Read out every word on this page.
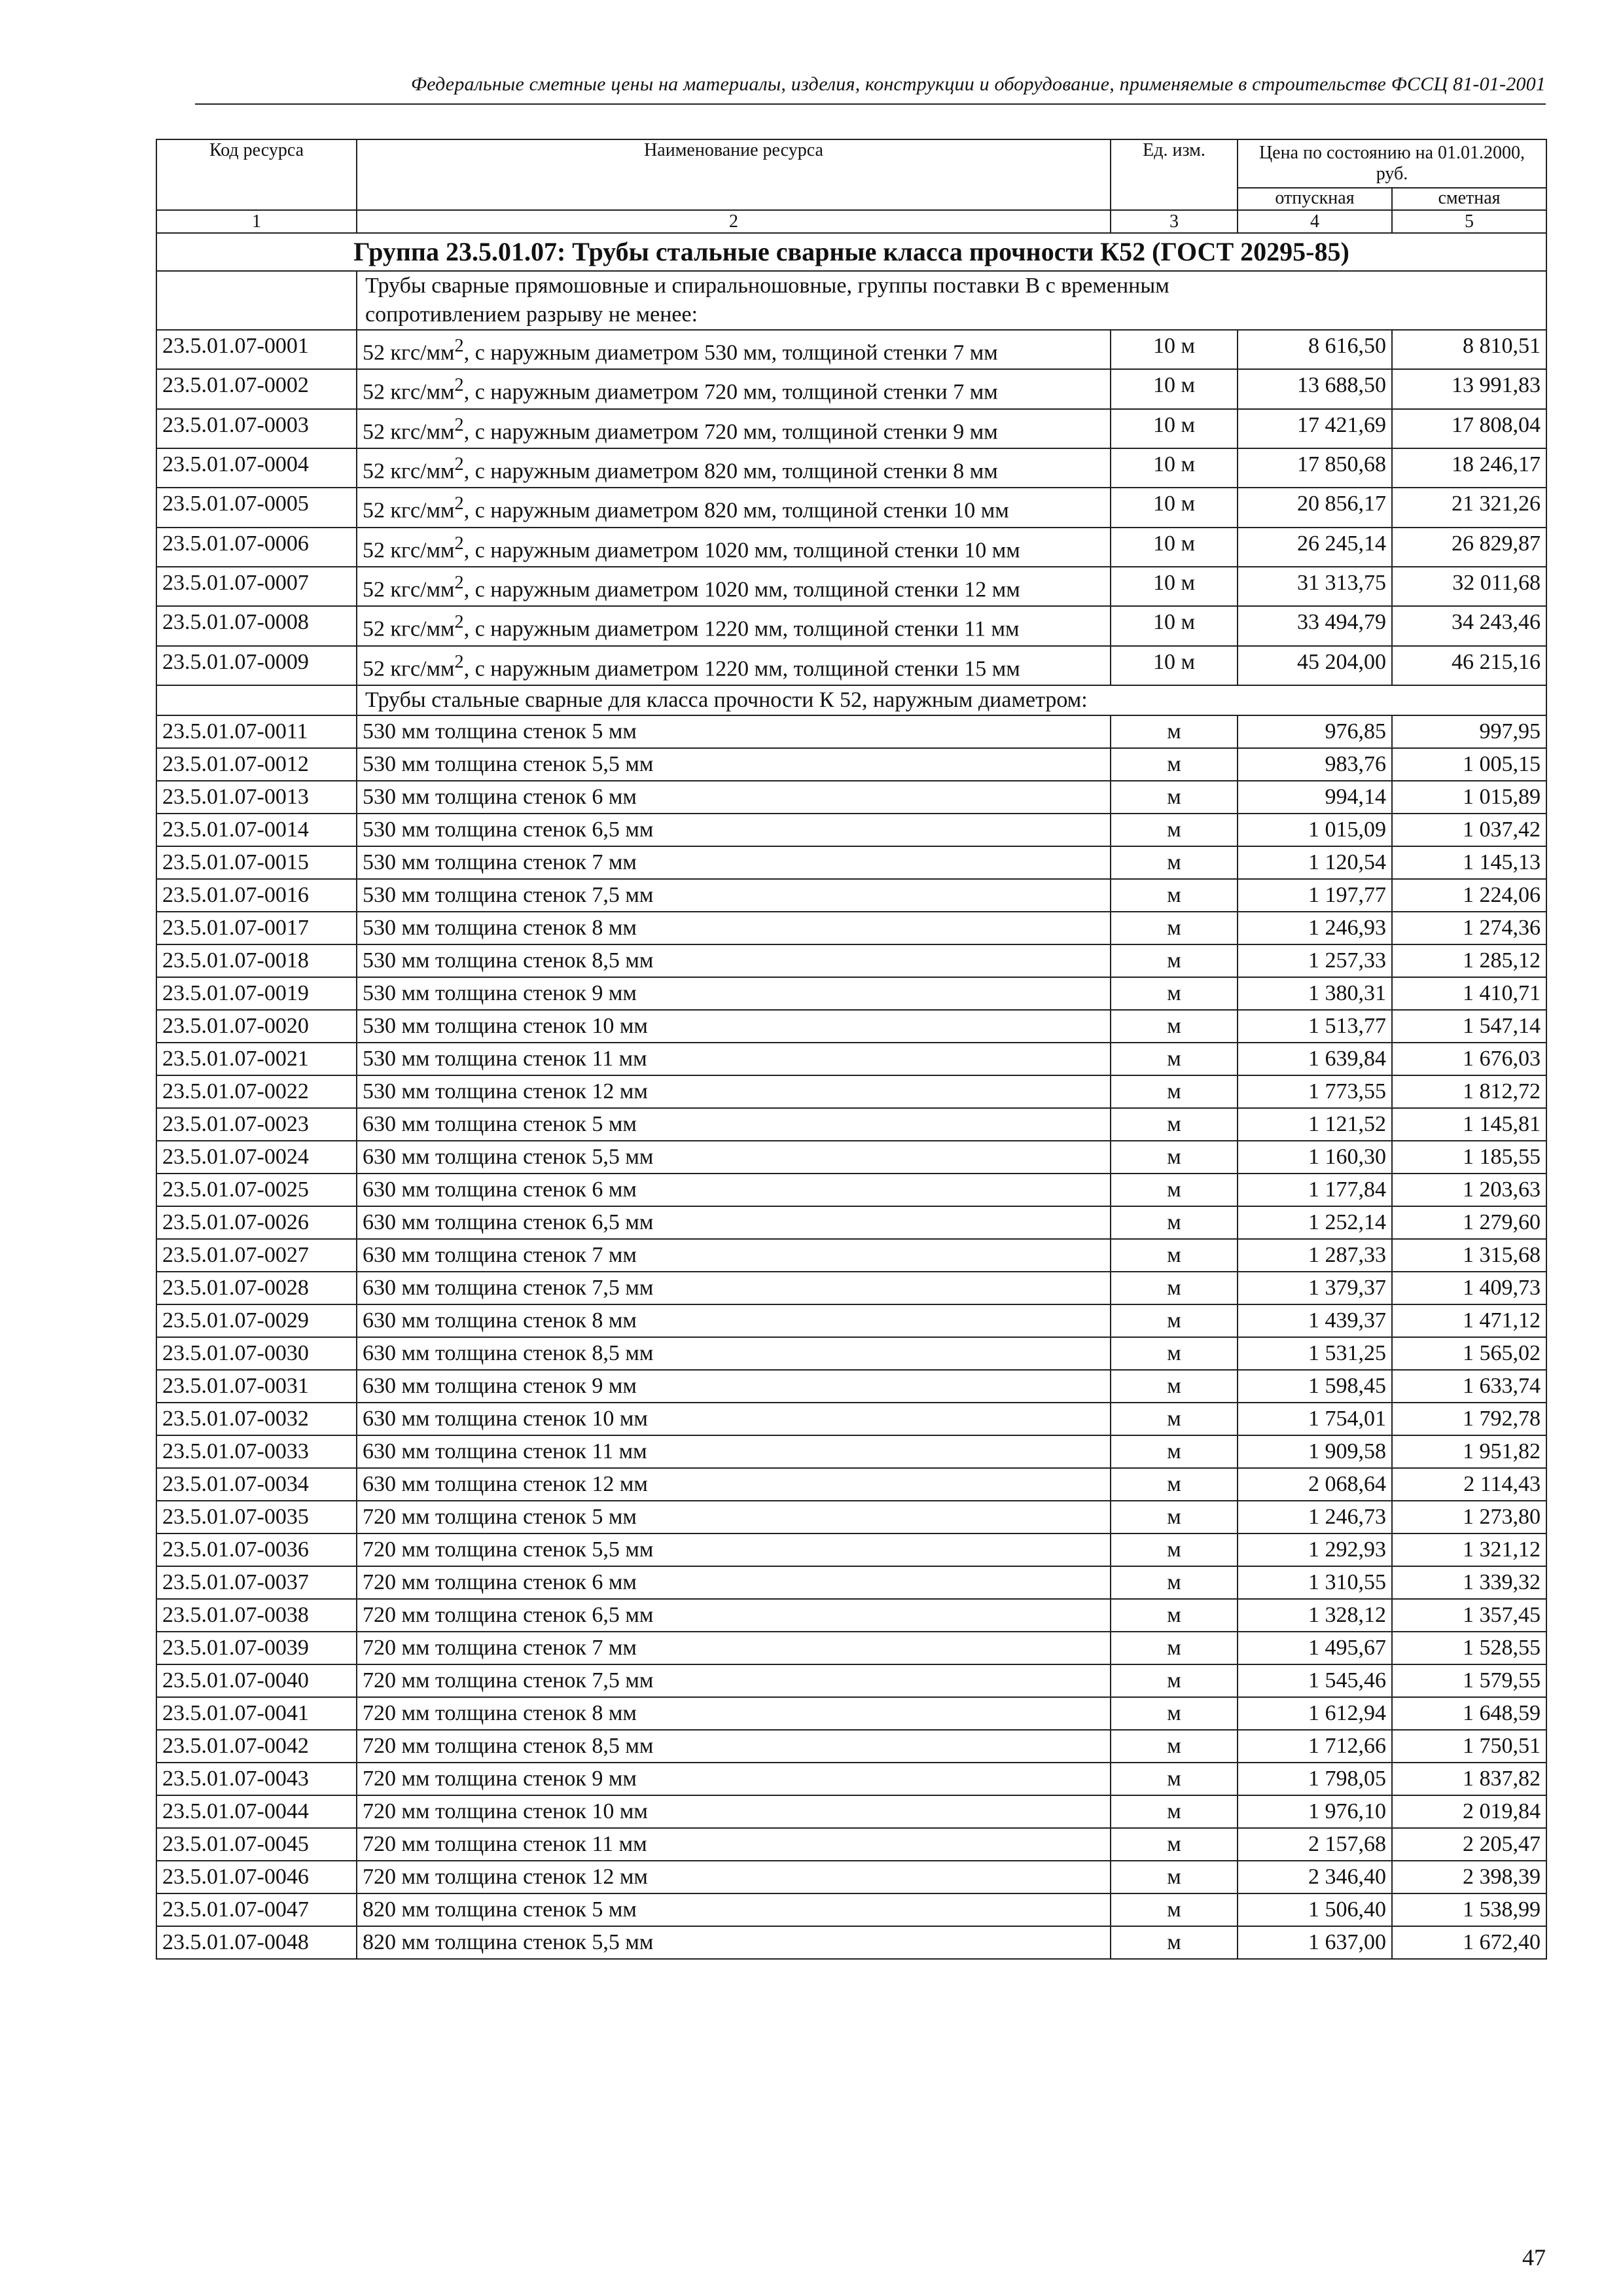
Федеральные сметные цены на материалы, изделия, конструкции и оборудование, применяемые в строительстве ФССЦ 81-01-2001
Код ресурса	Наименование ресурса	Ед. изм.	Цена по состоянию на 01.01.2000, руб.	
			отпускная	сметная
1	2	3	4	5
Группа 23.5.01.07: Трубы стальные сварные класса прочности К52 (ГОСТ 20295-85)				
	Трубы сварные прямошовные и спиральношовные, группы поставки В с временным сопротивлением разрыву не менее:			
23.5.01.07-0001	52 кгс/$мм^2$, с наружным диаметром 530 мм, толщиной стенки 7 мм	10 м	8 616,50	8 810,51
23.5.01.07-0002	52 кгс/$мм^2$, с наружным диаметром 720 мм, толщиной стенки 7 мм	10 м	13 688,50	13 991,83
23.5.01.07-0003	52 кгс/$мм^2$, с наружным диаметром 720 мм, толщиной стенки 9 мм	10 м	17 421,69	17 808,04
23.5.01.07-0004	52 кгс/$мм^2$, с наружным диаметром 820 мм, толщиной стенки 8 мм	10 м	17 850,68	18 246,17
23.5.01.07-0005	52 кгс/$мм^2$, с наружным диаметром 820 мм, толщиной стенки 10 мм	10 м	20 856,17	21 321,26
23.5.01.07-0006	52 кгс/$мм^2$, с наружным диаметром 1020 мм, толщиной стенки 10 мм	10 м	26 245,14	26 829,87
23.5.01.07-0007	52 кгс/$мм^2$, с наружным диаметром 1020 мм, толщиной стенки 12 мм	10 м	31 313,75	32 011,68
23.5.01.07-0008	52 кгс/$мм^2$, с наружным диаметром 1220 мм, толщиной стенки 11 мм	10 м	33 494,79	34 243,46
23.5.01.07-0009	52 кгс/$мм^2$, с наружным диаметром 1220 мм, толщиной стенки 15 мм	10 м	45 204,00	46 215,16
	Трубы стальные сварные для класса прочности К 52, наружным диаметром:			
23.5.01.07-0011	530 мм толщина стенок 5 мм	м	976,85	997,95
23.5.01.07-0012	530 мм толщина стенок 5,5 мм	м	983,76	1 005,15
23.5.01.07-0013	530 мм толщина стенок 6 мм	м	994,14	1 015,89
23.5.01.07-0014	530 мм толщина стенок 6,5 мм	м	1 015,09	1 037,42
23.5.01.07-0015	530 мм толщина стенок 7 мм	м	1 120,54	1 145,13
23.5.01.07-0016	530 мм толщина стенок 7,5 мм	м	1 197,77	1 224,06
23.5.01.07-0017	530 мм толщина стенок 8 мм	м	1 246,93	1 274,36
23.5.01.07-0018	530 мм толщина стенок 8,5 мм	м	1 257,33	1 285,12
23.5.01.07-0019	530 мм толщина стенок 9 мм	м	1 380,31	1 410,71
23.5.01.07-0020	530 мм толщина стенок 10 мм	м	1 513,77	1 547,14
23.5.01.07-0021	530 мм толщина стенок 11 мм	м	1 639,84	1 676,03
23.5.01.07-0022	530 мм толщина стенок 12 мм	м	1 773,55	1 812,72
23.5.01.07-0023	630 мм толщина стенок 5 мм	м	1 121,52	1 145,81
23.5.01.07-0024	630 мм толщина стенок 5,5 мм	м	1 160,30	1 185,55
23.5.01.07-0025	630 мм толщина стенок 6 мм	м	1 177,84	1 203,63
23.5.01.07-0026	630 мм толщина стенок 6,5 мм	м	1 252,14	1 279,60
23.5.01.07-0027	630 мм толщина стенок 7 мм	м	1 287,33	1 315,68
23.5.01.07-0028	630 мм толщина стенок 7,5 мм	м	1 379,37	1 409,73
23.5.01.07-0029	630 мм толщина стенок 8 мм	м	1 439,37	1 471,12
23.5.01.07-0030	630 мм толщина стенок 8,5 мм	м	1 531,25	1 565,02
23.5.01.07-0031	630 мм толщина стенок 9 мм	м	1 598,45	1 633,74
23.5.01.07-0032	630 мм толщина стенок 10 мм	м	1 754,01	1 792,78
23.5.01.07-0033	630 мм толщина стенок 11 мм	м	1 909,58	1 951,82
23.5.01.07-0034	630 мм толщина стенок 12 мм	м	2 068,64	2 114,43
23.5.01.07-0035	720 мм толщина стенок 5 мм	м	1 246,73	1 273,80
23.5.01.07-0036	720 мм толщина стенок 5,5 мм	м	1 292,93	1 321,12
23.5.01.07-0037	720 мм толщина стенок 6 мм	м	1 310,55	1 339,32
23.5.01.07-0038	720 мм толщина стенок 6,5 мм	м	1 328,12	1 357,45
23.5.01.07-0039	720 мм толщина стенок 7 мм	м	1 495,67	1 528,55
23.5.01.07-0040	720 мм толщина стенок 7,5 мм	м	1 545,46	1 579,55
23.5.01.07-0041	720 мм толщина стенок 8 мм	м	1 612,94	1 648,59
23.5.01.07-0042	720 мм толщина стенок 8,5 мм	м	1 712,66	1 750,51
23.5.01.07-0043	720 мм толщина стенок 9 мм	м	1 798,05	1 837,82
23.5.01.07-0044	720 мм толщина стенок 10 мм	м	1 976,10	2 019,84
23.5.01.07-0045	720 мм толщина стенок 11 мм	м	2 157,68	2 205,47
23.5.01.07-0046	720 мм толщина стенок 12 мм	м	2 346,40	2 398,39
23.5.01.07-0047	820 мм толщина стенок 5 мм	м	1 506,40	1 538,99
23.5.01.07-0048	820 мм толщина стенок 5,5 мм	м	1 637,00	1 672,40
47
